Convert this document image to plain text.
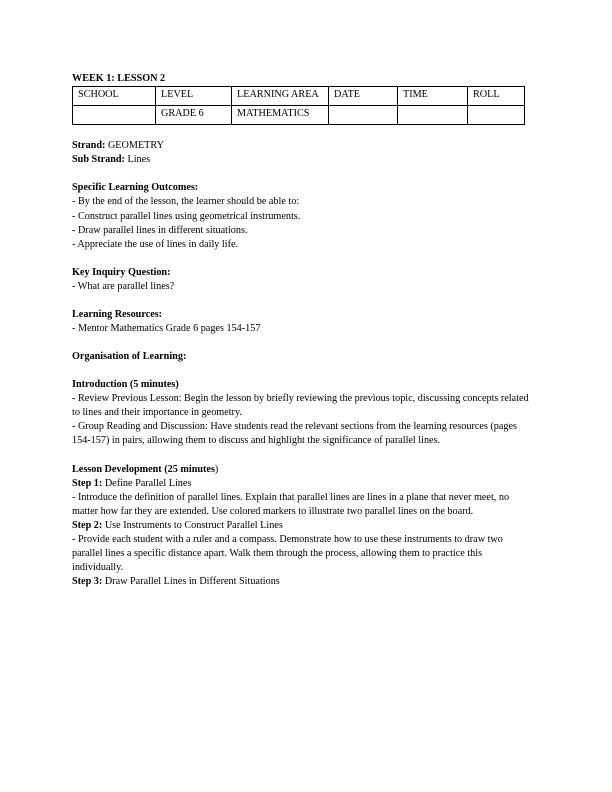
WEEK 1: LESSON 2

SCHOOL	LEVEL	LEARNING AREA	DATE	TIME	ROLL
	GRADE 6	MATHEMATICS			

Strand: GEOMETRY

Sub Strand: Lines

Specific Learning Outcomes:

- By the end of the lesson, the learner should be able to:

- Construct parallel lines using geometrical instruments.

- Draw parallel lines in different situations.

- Appreciate the use of lines in daily life.

Key Inquiry Question:

- What are parallel lines?

Learning Resources:

- Mentor Mathematics Grade 6 pages 154-157

Organisation of Learning:

Introduction (5 minutes)

- Review Previous Lesson: Begin the lesson by briefly reviewing the previous topic, discussing concepts related to lines and their importance in geometry.

- Group Reading and Discussion: Have students read the relevant sections from the learning resources (pages 154-157) in pairs, allowing them to discuss and highlight the significance of parallel lines.

Lesson Development (25 minutes)

Step 1: Define Parallel Lines

- Introduce the definition of parallel lines. Explain that parallel lines are lines in a plane that never meet, no matter how far they are extended. Use colored markers to illustrate two parallel lines on the board.

Step 2: Use Instruments to Construct Parallel Lines

- Provide each student with a ruler and a compass. Demonstrate how to use these instruments to draw two parallel lines a specific distance apart. Walk them through the process, allowing them to practice this individually.

Step 3: Draw Parallel Lines in Different Situations
